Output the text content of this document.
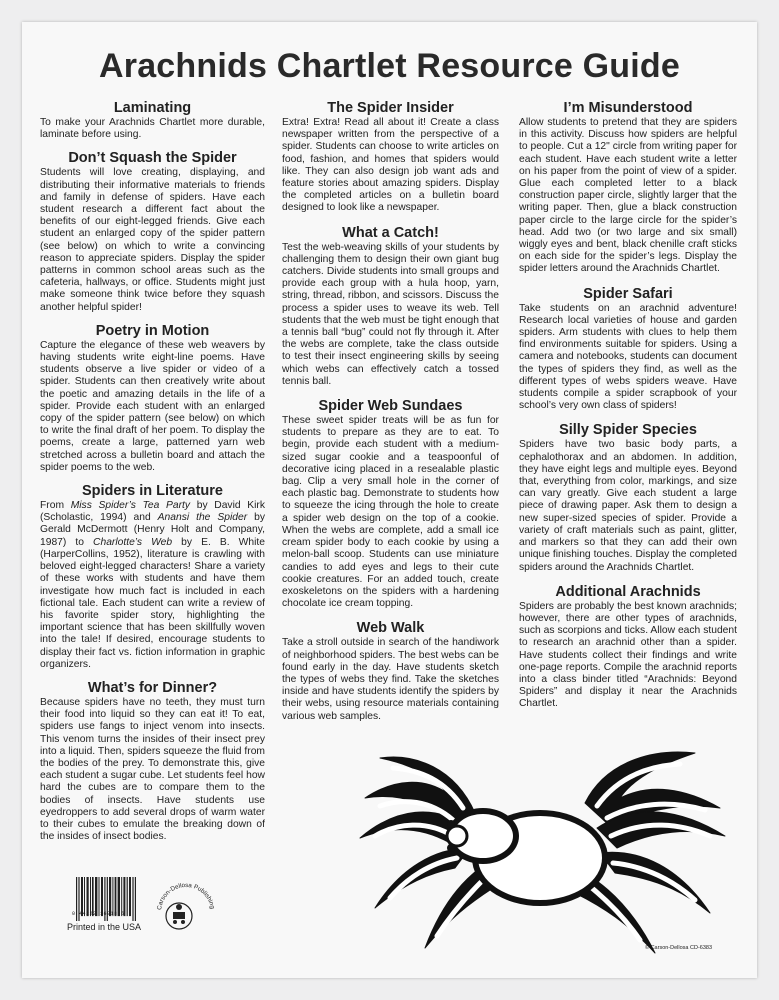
Arachnids Chartlet Resource Guide
Laminating

To make your Arachnids Chartlet more durable, laminate before using.

Don’t Squash the Spider

Students will love creating, displaying, and distributing their informative materials to friends and family in defense of spiders. Have each student research a different fact about the benefits of our eight-legged friends. Give each student an enlarged copy of the spider pattern (see below) on which to write a convincing reason to appreciate spiders. Display the spider patterns in common school areas such as the cafeteria, hallways, or office. Students might just make someone think twice before they squash another helpful spider!

Poetry in Motion

Capture the elegance of these web weavers by having students write eight-line poems. Have students observe a live spider or video of a spider. Students can then creatively write about the poetic and amazing details in the life of a spider. Provide each student with an enlarged copy of the spider pattern (see below) on which to write the final draft of her poem. To display the poems, create a large, patterned yarn web stretched across a bulletin board and attach the spider poems to the web.

Spiders in Literature

From Miss Spider’s Tea Party by David Kirk (Scholastic, 1994) and Anansi the Spider by Gerald McDermott (Henry Holt and Company, 1987) to Charlotte’s Web by E. B. White (HarperCollins, 1952), literature is crawling with beloved eight-legged characters! Share a variety of these works with students and have them investigate how much fact is included in each fictional tale. Each student can write a review of his favorite spider story, highlighting the important science that has been skillfully woven into the tale! If desired, encourage students to display their fact vs. fiction information in graphic organizers.

What’s for Dinner?

Because spiders have no teeth, they must turn their food into liquid so they can eat it! To eat, spiders use fangs to inject venom into insects. This venom turns the insides of their insect prey into a liquid. Then, spiders squeeze the fluid from the bodies of the prey. To demonstrate this, give each student a sugar cube. Let students feel how hard the cubes are to compare them to the bodies of insects. Have students use eyedroppers to add several drops of warm water to their cubes to emulate the breaking down of the insides of insect bodies.

The Spider Insider

Extra! Extra! Read all about it! Create a class newspaper written from the perspective of a spider. Students can choose to write articles on food, fashion, and homes that spiders would like. They can also design job want ads and feature stories about amazing spiders. Display the completed articles on a bulletin board designed to look like a newspaper.

What a Catch!

Test the web-weaving skills of your students by challenging them to design their own giant bug catchers. Divide students into small groups and provide each group with a hula hoop, yarn, string, thread, ribbon, and scissors. Discuss the process a spider uses to weave its web. Tell students that the web must be tight enough that a tennis ball “bug” could not fly through it. After the webs are complete, take the class outside to test their insect engineering skills by seeing which webs can effectively catch a tossed tennis ball.

Spider Web Sundaes

These sweet spider treats will be as fun for students to prepare as they are to eat. To begin, provide each student with a medium-sized sugar cookie and a teaspoonful of decorative icing placed in a resealable plastic bag. Clip a very small hole in the corner of each plastic bag. Demonstrate to students how to squeeze the icing through the hole to create a spider web design on the top of a cookie. When the webs are complete, add a small ice cream spider body to each cookie by using a melon-ball scoop. Students can use miniature candies to add eyes and legs to their cute cookie creatures. For an added touch, create exoskeletons on the spiders with a hardening chocolate ice cream topping.

Web Walk

Take a stroll outside in search of the handiwork of neighborhood spiders. The best webs can be found early in the day. Have students sketch the types of webs they find. Take the sketches inside and have students identify the spiders by their webs, using resource materials containing various web samples.

I’m Misunderstood

Allow students to pretend that they are spiders in this activity. Discuss how spiders are helpful to people. Cut a 12" circle from writing paper for each student. Have each student write a letter on his paper from the point of view of a spider. Glue each completed letter to a black construction paper circle, slightly larger that the writing paper. Then, glue a black construction paper circle to the large circle for the spider’s head. Add two (or two large and six small) wiggly eyes and bent, black chenille craft sticks on each side for the spider’s legs. Display the spider letters around the Arachnids Chartlet.

Spider Safari

Take students on an arachnid adventure! Research local varieties of house and garden spiders. Arm students with clues to help them find environments suitable for spiders. Using a camera and notebooks, students can document the types of spiders they find, as well as the different types of webs spiders weave. Have students compile a spider scrapbook of your school’s very own class of spiders!

Silly Spider Species

Spiders have two basic body parts, a cephalothorax and an abdomen. In addition, they have eight legs and multiple eyes. Beyond that, everything from color, markings, and size can vary greatly. Give each student a large piece of drawing paper. Ask them to design a new super-sized species of spider. Provide a variety of craft materials such as paint, glitter, and markers so that they can add their own unique finishing touches. Display the completed spiders around the Arachnids Chartlet.

Additional Arachnids

Spiders are probably the best known arachnids; however, there are other types of arachnids, such as scorpions and ticks. Allow each student to research an arachnid other than a spider. Have students collect their findings and write one-page reports. Compile the arachnid reports into a class binder titled “Arachnids: Beyond Spiders” and display it near the Arachnids Chartlet.

0 44222 16018 6
Printed in the USA
Carson-Dellosa Publishing
© Carson-Dellosa CD-6383
